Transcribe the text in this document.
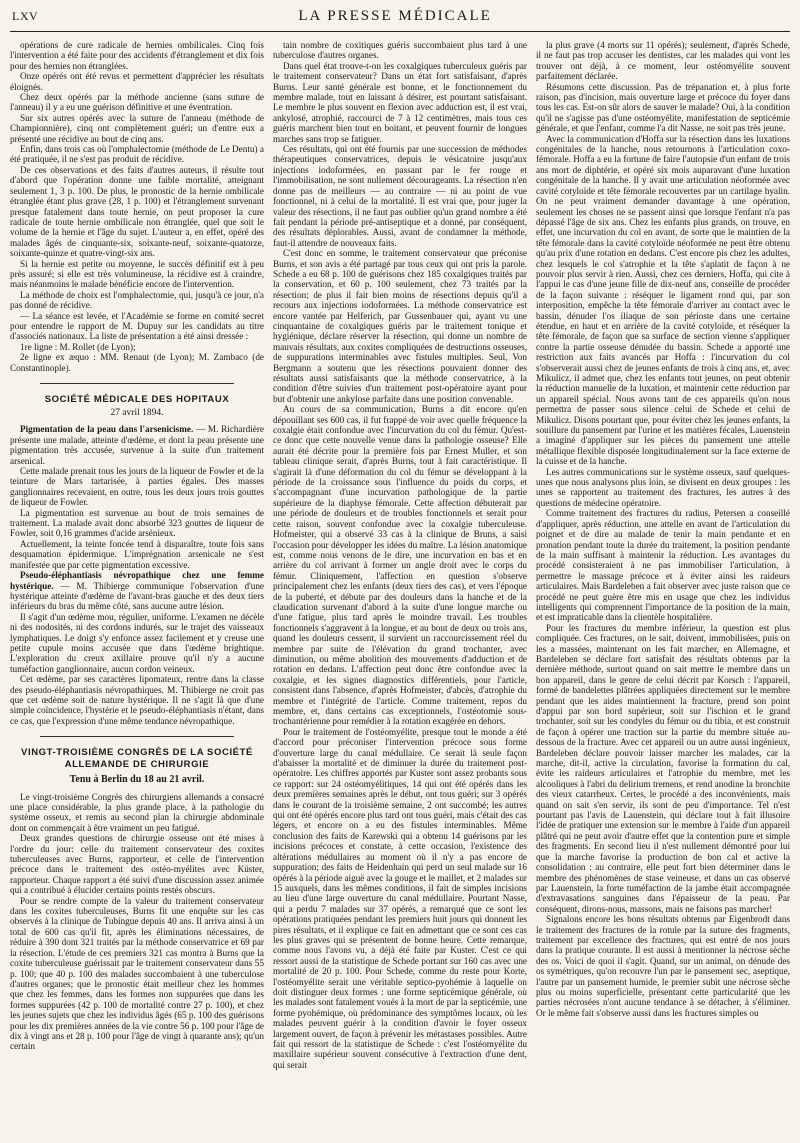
LXV	LA PRESSE MÉDICALE

opérations de cure radicale de hernies ombilicales. Cinq fois l'intervention a été faite pour des accidents d'étranglement et dix fois pour des hernies non étranglées.

Onze opérés ont été revus et permettent d'apprécier les résultats éloignés.

Chez deux opérés par la méthode ancienne (sans suture de l'anneau) il y a eu une guérison définitive et une éventration.

Sur six autres opérés avec la suture de l'anneau (méthode de Championnière), cinq ont complètement guéri; un d'entre eux a présenté une récidive au bout de cinq ans.

Enfin, dans trois cas où l'omphalectomie (méthode de Le Dentu) a été pratiquée, il ne s'est pas produit de récidive.

De ces observations et des faits d'autres auteurs, il résulte tout d'abord que l'opération donne une faible mortalité, atteignant seulement 1, 3 p. 100. De plus, le pronostic de la hernie ombilicale étranglée étant plus grave (28, 1 p. 100) et l'étranglement survenant presque fatalement dans toute hernie, on peut proposer la cure radicale de toute hernie ombilicale non étranglée, quel que soit le volume de la hernie et l'âge du sujet. L'auteur a, en effet, opéré des malades âgés de cinquante-six, soixante-neuf, soixante-quatorze, soixante-quinze et quatre-vingt-six ans.

Si la hernie est petite ou moyenne, le succès définitif est à peu près assuré; si elle est très volumineuse, la récidive est à craindre, mais néanmoins le malade bénéficie encore de l'intervention.

La méthode de choix est l'omphalectomie, qui, jusqu'à ce jour, n'a pas donné de récidive.

— La séance est levée, et l'Académie se forme en comité secret pour entendre le rapport de M. Dupuy sur les candidats au titre d'associés nationaux. La liste de présentation a été ainsi dressée :

1re ligne : M. Rollet (de Lyon);

2e ligne ex æquo : MM. Renaut (de Lyon); M. Zambaco (de Constantinople).

SOCIÉTÉ MÉDICALE DES HOPITAUX
27 avril 1894.

Pigmentation de la peau dans l'arsenicisme. — M. Richardière présente une malade, atteinte d'œdème, et dont la peau présente une pigmentation très accusée, survenue à la suite d'un traitement arsenical.

Cette malade prenait tous les jours de la liqueur de Fowler et de la teinture de Mars tartarisée, à parties égales. Des masses ganglionnaires recevaient, en outre, tous les deux jours trois gouttes de liqueur de Fowler.

La pigmentation est survenue au bout de trois semaines de traitement. La malade avait donc absorbé 323 gouttes de liqueur de Fowler, soit 0,16 grammes d'acide arsénieux.

Actuellement, la teinte foncée tend à disparaître, toute fois sans desquamation épidermique. L'imprégnation arsenicale ne s'est manifestée que par cette pigmentation excessive.

Pseudo-éléphantiasis névropathique chez une femme hystérique. — M. Thibierge communique l'observation d'une hystérique atteinte d'œdème de l'avant-bras gauche et des deux tiers inférieurs du bras du même côté, sans aucune autre lésion.

Il s'agit d'un œdème mou, régulier, uniforme. L'examen ne décèle ni des nodosités, ni des cordons indurés, sur le trajet des vaisseaux lymphatiques. Le doigt s'y enfonce assez facilement et y creuse une petite cupule moins accusée que dans l'œdème brightique. L'exploration du creux axillaire prouve qu'il n'y a aucune tuméfaction ganglionnaire, aucun cordon veineux.

Cet œdème, par ses caractères lipomateux, rentre dans la classe des pseudo-éléphantiasis névropathiques. M. Thibierge ne croit pas que cet œdème soit de nature hystérique. Il ne s'agit là que d'une simple coïncidence, l'hystérie et le pseudo-éléphantiasis n'étant, dans ce cas, que l'expression d'une même tendance névropathique.

VINGT-TROISIÈME CONGRÈS DE LA SOCIÉTÉ ALLEMANDE DE CHIRURGIE
Tenu à Berlin du 18 au 21 avril.

Le vingt-troisième Congrès des chirurgiens allemands a consacré une place considérable, la plus grande place, à la pathologie du système osseux, et remis au second plan la chirurgie abdominale dont on commençait à être vraiment un peu fatigué.

Deux grandes questions de chirurgie osseuse ont été mises à l'ordre du jour: celle du traitement conservateur des coxites tuberculeuses avec Burns, rapporteur, et celle de l'intervention précoce dans le traitement des ostéo-myélites avec Küster, rapporteur. Chaque rapport a été suivi d'une discussion assez animée qui a contribué à élucider certains points restés obscurs.

Pour se rendre compte de la valeur du traitement conservateur dans les coxites tuberculeuses, Burns fit une enquête sur les cas observés à la clinique de Tubingue depuis 40 ans. Il arriva ainsi à un total de 600 cas qu'il fit, après les éliminations nécessaires, de réduire à 390 dont 321 traités par la méthode conservatrice et 69 par la résection. L'étude de ces premiers 321 cas montra à Burns que la coxite tuberculeuse guérissait par le traitement conservateur dans 55 p. 100; que 40 p. 100 des malades succombaient à une tuberculose d'autres organes; que le pronostic était meilleur chez les hommes que chez les femmes, dans les formes non suppurées que dans les formes suppurées (42 p. 100 de mortalité contre 27 p. 100), et chez les jeunes sujets que chez les individus âgés (65 p. 100 des guérisons pour les dix premières années de la vie contre 56 p. 100 pour l'âge de dix à vingt ans et 28 p. 100 pour l'âge de vingt à quarante ans); qu'un certain

tain nombre de coxitiques guéris succombaient plus tard à une tuberculose d'autres organes.

Dans quel état trouve-t-on les coxalgiques tuberculeux guéris par le traitement conservateur? Dans un état fort satisfaisant, d'après Burns. Leur santé générale est bonne, et le fonctionnement du membre malade, tout en laissant à désirer, est pourtant satisfaisant. Le membre le plus souvent en flexion avec adduction est, il est vrai, ankylosé, atrophié, raccourci de 7 à 12 centimètres, mais tous ces guéris marchent bien tout en boitant, et peuvent fournir de longues marches sans trop se fatiguer.

Ces résultats, qui ont été fournis par une succession de méthodes thérapeutiques conservatrices, depuis le vésicatoire jusqu'aux injections iodoformées, en passant par le fer rouge et l'immobilisation, ne sont nullement décourageants. La résection n'en donne pas de meilleurs — au contraire — ni au point de vue fonctionnel, ni à celui de la mortalité. Il est vrai que, pour juger la valeur des résections, il ne faut pas oublier qu'un grand nombre a été fait pendant la période pré-antiseptique et a donné, par conséquent, des résultats déplorables. Aussi, avant de condamner la méthode, faut-il attendre de nouveaux faits.

C'est donc en somme, le traitement conservateur que préconise Burns, et son avis a été partagé par tous ceux qui ont pris la parole. Schede a eu 68 p. 100 de guérisons chez 185 coxalgiques traités par la conservation, et 60 p. 100 seulement, chez 73 traités par la résection; de plus il fait bien moins de résections depuis qu'il a recours aux injections iodoformées. La méthode conservatrice est encore vantée par Helferich, par Gussenbauer qui, ayant vu une cinquantaine de coxalgiques guéris par le traitement tonique et hygiénique, déclare réserver la résection, qui donne un nombre de mauvais résultats, aux coxites compliquées de destructions osseuses, de suppurations interminables avec fistules multiples. Seul, Von Bergmann a soutenu que les résections pouvaient donner des résultats aussi satisfaisants que la méthode conservatrice, à la condition d'être suivies d'un traitement post-opératoire ayant pour but d'obtenir une ankylose parfaite dans une position convenable.

Au cours de sa communication, Burns a dit encore qu'en dépouillant ses 600 cas, il fut frappé de voir avec quelle fréquence la coxalgie était confondue avec l'incurvation du col du fémur. Qu'est-ce donc que cette nouvelle venue dans la pathologie osseuse? Elle aurait été décrite pour la première fois par Ernest Muller, et son tableau clinique serait, d'après Burns, tout à fait caractéristique. Il s'agirait là d'une déformation du col du fémur se développant à la période de la croissance sous l'influence du poids du corps, et s'accompagnant d'une incurvation pathologique de la partie supérieure de la diaphyse fémorale. Cette affection débuterait par une période de douleurs et de troubles fonctionnels et serait pour cette raison, souvent confondue avec la coxalgie tuberculeuse. Hofmeister, qui a observé 33 cas à la clinique de Bruns, a saisi l'occasion pour développer les idées du maître. La lésion anatomique est, comme nous venons de le dire, une incurvation en bas et en arrière du col arrivant à former un angle droit avec le corps du fémur. Cliniquement, l'affection en question s'observe principalement chez les enfants (deux tiers des cas), et vers l'époque de la puberté, et débute par des douleurs dans la hanche et de la claudication survenant d'abord à la suite d'une longue marche ou d'une fatigue, plus tard après le moindre travail. Les troubles fonctionnels s'aggravent à la longue, et au bout de deux ou trois ans, quand les douleurs cessent, il survient un raccourcissement réel du membre par suite de l'élévation du grand trochanter, avec diminution, ou même abolition des mouvements d'adduction et de rotation en dedans. L'affection peut donc être confondue avec la coxalgie, et les signes diagnostics différentiels, pour l'article, consistent dans l'absence, d'après Hofmeister, d'abcès, d'atrophie du membre et l'intégrité de l'article. Comme traitement, repos du membre, et, dans certains cas exceptionnels, l'ostéotomie sous-trochantérienne pour remédier à la rotation exagérée en dehors.

Pour le traitement de l'ostéomyélite, presque tout le monde a été d'accord pour préconiser l'intervention précoce sous forme d'ouverture large du canal médullaire. Ce serait là seule façon d'abaisser la mortalité et de diminuer la durée du traitement post-opératoire. Les chiffres apportés par Kuster sont assez probants sous ce rapport: sur 24 ostéomyélitiques, 14 qui ont été opérés dans les deux premières semaines après le début, ont tous guéri; sur 3 opérés dans le courant de la troisième semaine, 2 ont succombé; les autres qui ont été opérés encore plus tard ont tous guéri, mais c'était des cas légers, et encore on a eu des fistules interminables. Même conclusion des faits de Karewski qui a obtenu 14 guérisons par les incisions précoces et constate, à cette occasion, l'existence des altérations médullaires au moment où il n'y a pas encore de suppuration; des faits de Heidenhain qui perd un seul malade sur 16 opérés à la période aiguë avec la gouge et le maillet, et 2 malades sur 15 auxquels, dans les mêmes conditions, il fait de simples incisions au lieu d'une large ouverture du canal médullaire. Pourtant Nasse, qui a perdu 7 malades sur 37 opérés, a remarqué que ce sont les opérations pratiquées pendant les premiers huit jours qui donnent les pires résultats, et il explique ce fait en admettant que ce sont ces cas les plus graves qui se présentent de bonne heure. Cette remarque, comme nous l'avons vu, a déjà été faite par Kuster. C'est ce qui ressort aussi de la statistique de Schede portant sur 160 cas avec une mortalité de 20 p. 100. Pour Schede, comme du reste pour Korte, l'ostéomyélite serait une véritable septico-pyohémie à laquelle on doit distinguer deux formes : une forme septicémique générale, où les malades sont fatalement voués à la mort de par la septicémie, une forme pyohémique, où prédominance des symptômes locaux, où les malades peuvent guérir à la condition d'avoir le foyer osseux largement ouvert, de façon à prévenir les métastases possibles. Autre fait qui ressort de la statistique de Schede : c'est l'ostéomyélite du maxillaire supérieur souvent consécutive à l'extraction d'une dent, qui serait

la plus grave (4 morts sur 11 opérés); seulement, d'après Schede, il ne faut pas trop accuser les dentistes, car les malades qui vont les trouver ont déjà, à ce moment, leur ostéomyélite souvent parfaitement déclarée.

Résumons cette discussion. Pas de trépanation et, à plus forte raison, pas d'incision, mais ouverture large et précoce du foyer dans tous les cas. Est-on sûr alors de sauver le malade? Oui, à la condition qu'il ne s'agisse pas d'une ostéomyélite, manifestation de septicémie générale, et que l'enfant, comme l'a dit Nasse, ne soit pas très jeune.

Avec la communication d'Hoffa sur la résection dans les luxations congénitales de la hanche, nous retournons à l'articulation coxo-fémorale. Hoffa a eu la fortune de faire l'autopsie d'un enfant de trois ans mort de diphtérie, et opéré six mois auparavant d'une luxation congénitale de la hanche. Il y avait une articulation néoformée avec cavité cotyloïde et tête fémorale recouvertes par un cartilage hyalin. On ne peut vraiment demander davantage à une opération, seulement les choses ne se passent ainsi que lorsque l'enfant n'a pas dépassé l'âge de six ans. Chez les enfants plus grands, on trouve, en effet, une incurvation du col en avant, de sorte que le maintien de la tête fémorale dans la cavité cotyloïde néoformée ne peut être obtenu qu'au prix d'une rotation en dedans. C'est encore pis chez les adultes, chez lesquels le col s'atrophie et la tête s'aplatit de façon à ne pouvoir plus servir à rien. Aussi, chez ces derniers, Hoffa, qui cite à l'appui le cas d'une jeune fille de dix-neuf ans, conseille de procéder de la façon suivante : réséquer le ligament rond qui, par son interposition, empêche la tête fémorale d'arriver au contact avec le bassin, dénuder l'os iliaque de son périoste dans une certaine étendue, en haut et en arrière de la cavité cotyloïde, et réséquer la tête fémorale, de façon que sa surface de section vienne s'appliquer contre la partie osseuse dénudée du bassin. Schede a apporté une restriction aux faits avancés par Hoffa : l'incurvation du col s'observerait aussi chez de jeunes enfants de trois à cinq ans, et, avec Mikulicz, il admet que, chez les enfants tout jeunes, on peut obtenir la réduction manuelle de la luxation, et maintenir cette réduction par un appareil spécial. Nous avons tant de ces appareils qu'on nous permettra de passer sous silence celui de Schede et celui de Mikulicz. Disons pourtant que, pour éviter chez les jeunes enfants, la souillure du pansement par l'urine et les matières fécales, Lauenstein a imaginé d'appliquer sur les pièces du pansement une attelle métallique flexible disposée longitudinalement sur la face externe de la cuisse et de la hanche.

Les autres communications sur le système osseux, sauf quelques-unes que nous analysons plus loin, se divisent en deux groupes : les unes se rapportent au traitement des fractures, les autres à des questions de médecine opératoire.

Comme traitement des fractures du radius, Petersen a conseillé d'appliquer, après réduction, une attelle en avant de l'articulation du poignet et de dire au malade de tenir la main pendante et en pronation pendant toute la durée du traitement, la position pendante de la main suffisant à maintenir la réduction. Les avantages du procédé consisteraient à ne pas immobiliser l'articulation, à permettre le massage précoce et à éviter ainsi les raideurs articulaires. Mais Bardeleben a fait observer avec juste raison que ce procédé ne peut guère être mis en usage que chez les individus intelligents qui comprennent l'importance de la position de la main, et est impraticable dans la clientèle hospitalière.

Pour les fractures du membre inférieur, la question est plus compliquée. Ces fractures, on le sait, doivent, immobilisées, puis on les a massées, maintenant on les fait marcher, en Allemagne, et Bardeleben se déclare fort satisfait des résultats obtenus par la dernière méthode, surtout quand on sait mettre le membre dans un bon appareil, dans le genre de celui décrit par Korsch : l'appareil, formé de bandelettes plâtrées appliquées directement sur le membre pendant que les aides maintiennent la fracture, prend son point d'appui par son bord supérieur, soit sur l'ischion et le grand trochanter, soit sur les condyles du fémur ou du tibia, et est construit de façon à opérer une traction sur la partie du membre située au-dessous de la fracture. Avec cet appareil ou un autre aussi ingénieux, Bardeleben déclare pouvoir laisser marcher les malades, car la marche, dit-il, active la circulation, favorise la formation du cal, évite les raideurs articulaires et l'atrophie du membre, met les alcooliques à l'abri du delirium tremens, et rend anodine la bronchite des vieux catarrheux. Certes, le procédé a des inconvénients, mais quand on sait s'en servir, ils sont de peu d'importance. Tel n'est pourtant pas l'avis de Lauenstein, qui déclare tout à fait illusoire l'idée de pratiquer une extension sur le membre à l'aide d'un appareil plâtré qui ne peut avoir d'autre effet que la contention pure et simple des fragments. En second lieu il n'est nullement démontré pour lui que la marche favorise la production de bon cal et active la consolidation : au contraire, elle peut fort bien déterminer dans le membre des phénomènes de stase veineuse, et dans un cas observé par Lauenstein, la forte tuméfaction de la jambe était accompagnée d'extravasations sanguines dans l'épaisseur de la peau. Par conséquent, dirons-nous, massons, mais ne faisons pas marcher!

Signalons encore les bons résultats obtenus par Eigenbrodt dans le traitement des fractures de la rotule par la suture des fragments, traitement par excellence des fractures, qui est entré de nos jours dans la pratique courante. Il est aussi à mentionner la nécrose sèche des os. Voici de quoi il s'agit. Quand, sur un animal, on dénude des os symétriques, qu'on recouvre l'un par le pansement sec, aseptique, l'autre par un pansement humide, le premier subit une nécrose sèche plus ou moins superficielle, présentant cette particularité que les parties nécrosées n'ont aucune tendance à se détacher, à s'éliminer. Or le même fait s'observe aussi dans les fractures simples ou
